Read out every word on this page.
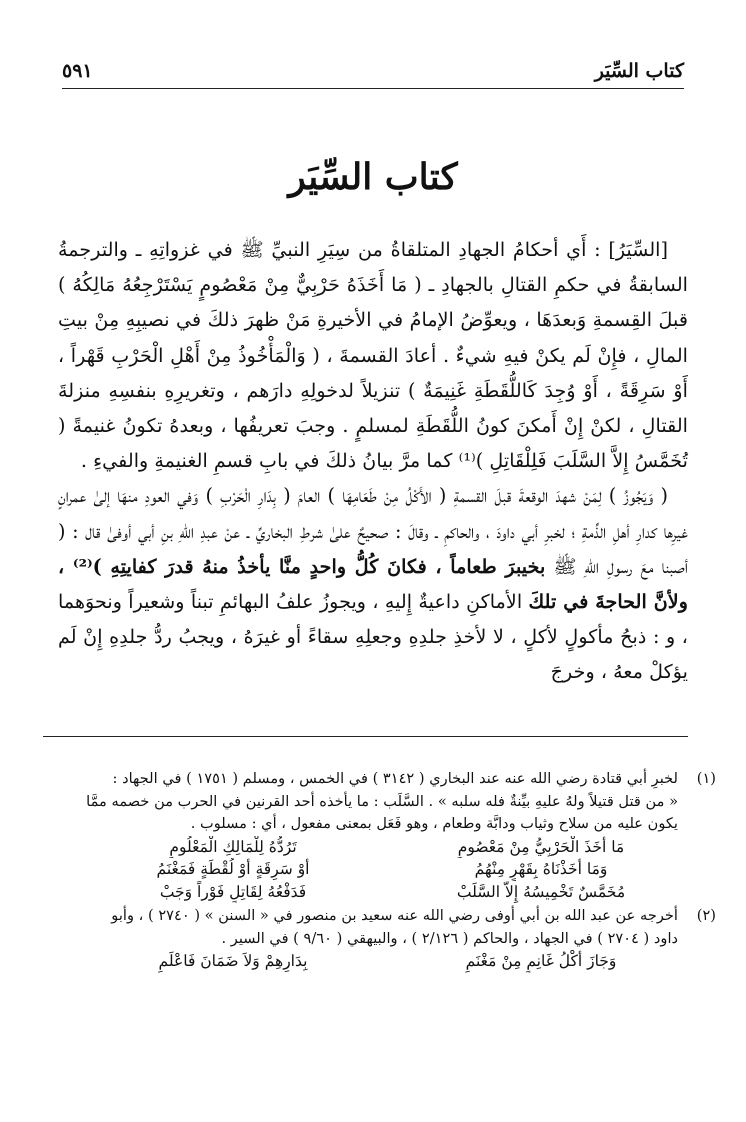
كتاب السِّيَر
٥٩١
كتاب السِّيَر

[السِّيَرُ] : أَي أحكامُ الجهادِ المتلقاةُ من سِيَرِ النبيِّ ﷺ في غزواتِهِ ـ والترجمةُ السابقةُ في حكمِ القتالِ بالجهادِ ـ ( مَا أَخَذَهُ حَرْبِيٌّ مِنْ مَعْصُومٍ يَسْتَرْجِعُهُ مَالِكُهُ ) قبلَ القِسمةِ وَبعدَهَا ، ويعوِّضُ الإمامُ في الأخيرةِ مَنْ ظهرَ ذلكَ في نصيبِهِ مِنْ بيتِ المالِ ، فإِنْ لَم يكنْ فيهِ شيءٌ . أعادَ القسمةَ ، ( وَالْمَأْخُوذُ مِنْ أَهْلِ الْحَرْبِ قَهْراً ، أَوْ سَرِقَةً ، أَوْ وُجِدَ كَاللُّقَطَةِ غَنِيمَةٌ ) تنزيلاً لدخولِهِ دارَهم ، وتغريرِهِ بنفسِهِ منزلةَ القتالِ ، لكنْ إِنْ أَمكنَ كونُ اللُّقَطَةِ لمسلمٍ . وجبَ تعريفُها ، وبعدهُ تكونُ غنيمةً ( تُخَمَّسُ إِلاَّ السَّلَبَ فَلِلْقَاتِلِ )⁽¹⁾ كما مرَّ بيانُ ذلكَ في بابِ قسمِ الغنيمةِ والفيءِ .

( وَيَجُوزُ ) لِمَنْ شهدَ الوقعةَ قبلَ القسمةِ ( الأَكْلُ مِنْ طَعَامِهَا ) العامَ ( بِدَارِ الْحَرْبِ ) وَفي العودِ منهَا إلىٰ عمرانٍ غيرِها كدارِ أهلِ الذِّمةِ ؛ لخبرِ أبي داودَ ، والحاكمِ ـ وقالَ : صحيحٌ علىٰ شرطِ البخاريِّ ـ عنْ عبدِ اللهِ بنِ أبي أوفىٰ قال : ( أصبنا معَ رسولِ اللهِ ﷺ بخيبرَ طعاماً ، فكانَ كُلُّ واحدٍ منَّا يأخذُ منهُ قدرَ كفايتِهِ )⁽²⁾ ، ولأنَّ الحاجةَ في تلكَ الأماكنِ داعيةٌ إِليهِ ، ويجوزُ علفُ البهائمِ تبناً وشعيراً ونحوَهما ، و : ذبحُ مأكولٍ لأكلٍ ، لا لأخذِ جلدِهِ وجعلِهِ سقاءً أو غيرَهُ ، ويجبُ ردُّ جلدِهِ إِنْ لَم يؤكلْ معهُ ، وخرجَ

(١)
لخبرِ أبي قتادة رضي الله عنه عند البخاري ( ٣١٤٢ ) في الخمس ، ومسلم ( ١٧٥١ ) في الجهاد :
« من قتل قتيلاً ولهُ عليهِ بيِّنةٌ فله سلبه » . السَّلَب : ما يأخذه أحد القرنين في الحرب من خصمه ممَّا
يكون عليه من سلاح وثياب ودابَّة وطعام ، وهو فَعَل بمعنى مفعول ، أي : مسلوب .
مَا أَخَذَ الْحَرْبِيُّ مِنْ مَعْصُومِ
تَرُدُّهُ لِلْمَالِكِ الْمَعْلُومِ
وَمَا أَخَذْنَاهُ بِقَهْرٍ مِنْهُمُ
أَوْ سَرِقَةٍ أَوْ لُقْطَةٍ فَمَغْنَمُ
مُخَمَّسٌ تَخْمِيسُهُ إِلاَّ السَّلَبْ
فَدَفْعُهُ لِقَاتِلٍ فَوْراً وَجَبْ
(٢)
أخرجه عن عبد الله بن أبي أوفى رضي الله عنه سعيد بن منصور في « السنن » ( ٢٧٤٠ ) ، وأبو
داود ( ٢٧٠٤ ) في الجهاد ، والحاكم ( ٢/١٢٦ ) ، والبيهقي ( ٩/٦٠ ) في السير .
وَجَازَ أَكْلُ غَانِمٍ مِنْ مَغْنَمِ
بِدَارِهِمْ وَلاَ ضَمَانَ فَاعْلَمِ
